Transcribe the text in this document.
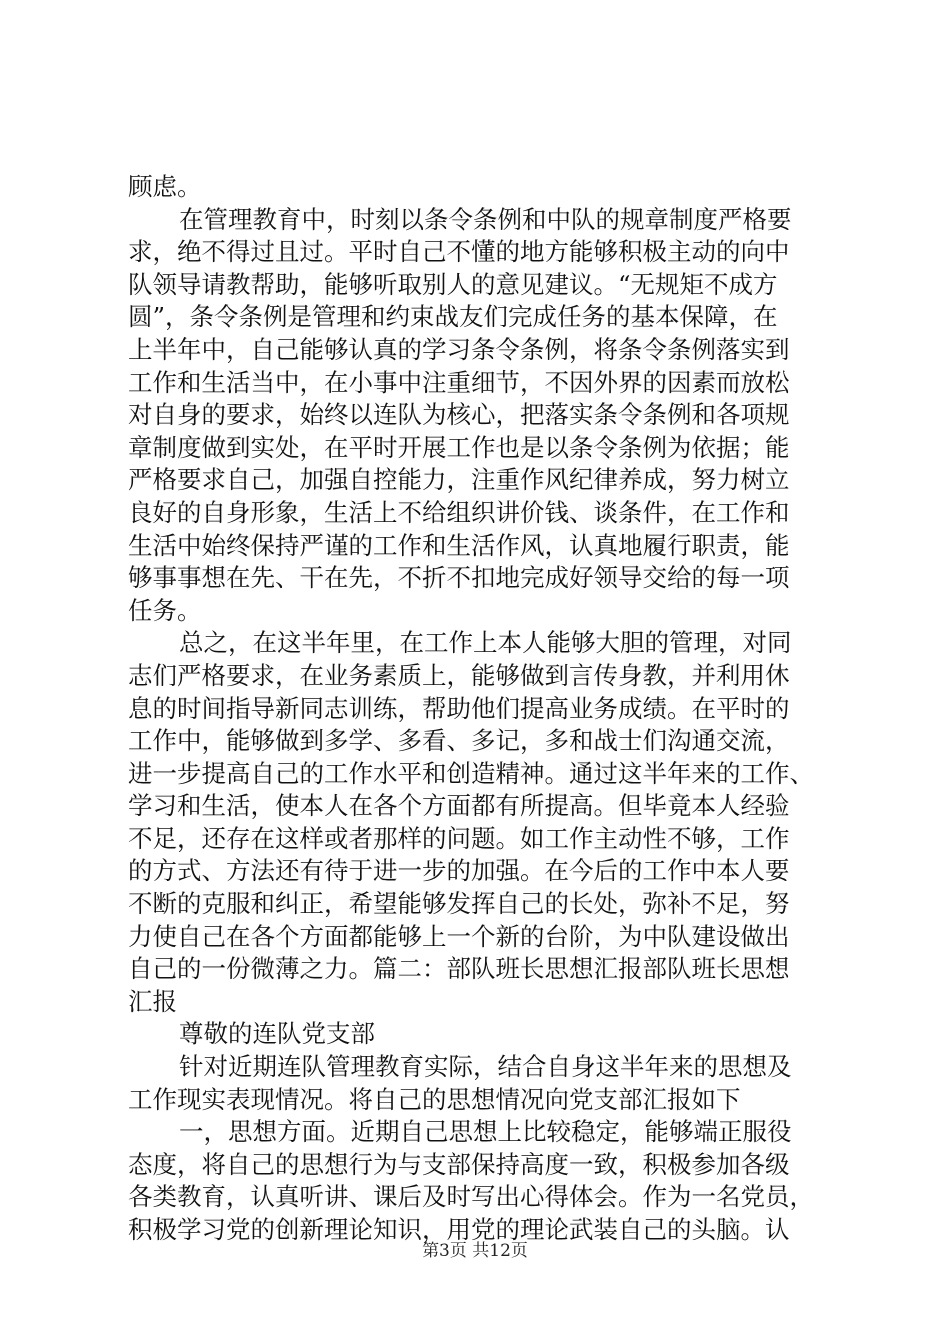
顾虑。
在管理教育中，时刻以条令条例和中队的规章制度严格要
求，绝不得过且过。平时自己不懂的地方能够积极主动的向中
队领导请教帮助，能够听取别人的意见建议。“无规矩不成方
圆”，条令条例是管理和约束战友们完成任务的基本保障，在
上半年中，自己能够认真的学习条令条例，将条令条例落实到
工作和生活当中，在小事中注重细节，不因外界的因素而放松
对自身的要求，始终以连队为核心，把落实条令条例和各项规
章制度做到实处，在平时开展工作也是以条令条例为依据；能
严格要求自己，加强自控能力，注重作风纪律养成，努力树立
良好的自身形象，生活上不给组织讲价钱、谈条件，在工作和
生活中始终保持严谨的工作和生活作风，认真地履行职责，能
够事事想在先、干在先，不折不扣地完成好领导交给的每一项
任务。
总之，在这半年里，在工作上本人能够大胆的管理，对同
志们严格要求，在业务素质上，能够做到言传身教，并利用休
息的时间指导新同志训练，帮助他们提高业务成绩。在平时的
工作中，能够做到多学、多看、多记，多和战士们沟通交流，
进一步提高自己的工作水平和创造精神。通过这半年来的工作、
学习和生活，使本人在各个方面都有所提高。但毕竟本人经验
不足，还存在这样或者那样的问题。如工作主动性不够，工作
的方式、方法还有待于进一步的加强。在今后的工作中本人要
不断的克服和纠正，希望能够发挥自己的长处，弥补不足，努
力使自己在各个方面都能够上一个新的台阶，为中队建设做出
自己的一份微薄之力。篇二：部队班长思想汇报部队班长思想
汇报
尊敬的连队党支部
针对近期连队管理教育实际，结合自身这半年来的思想及
工作现实表现情况。将自己的思想情况向党支部汇报如下
一，思想方面。近期自己思想上比较稳定，能够端正服役
态度，将自己的思想行为与支部保持高度一致，积极参加各级
各类教育，认真听讲、课后及时写出心得体会。作为一名党员，
积极学习党的创新理论知识，用党的理论武装自己的头脑。认
第3页 共12页
